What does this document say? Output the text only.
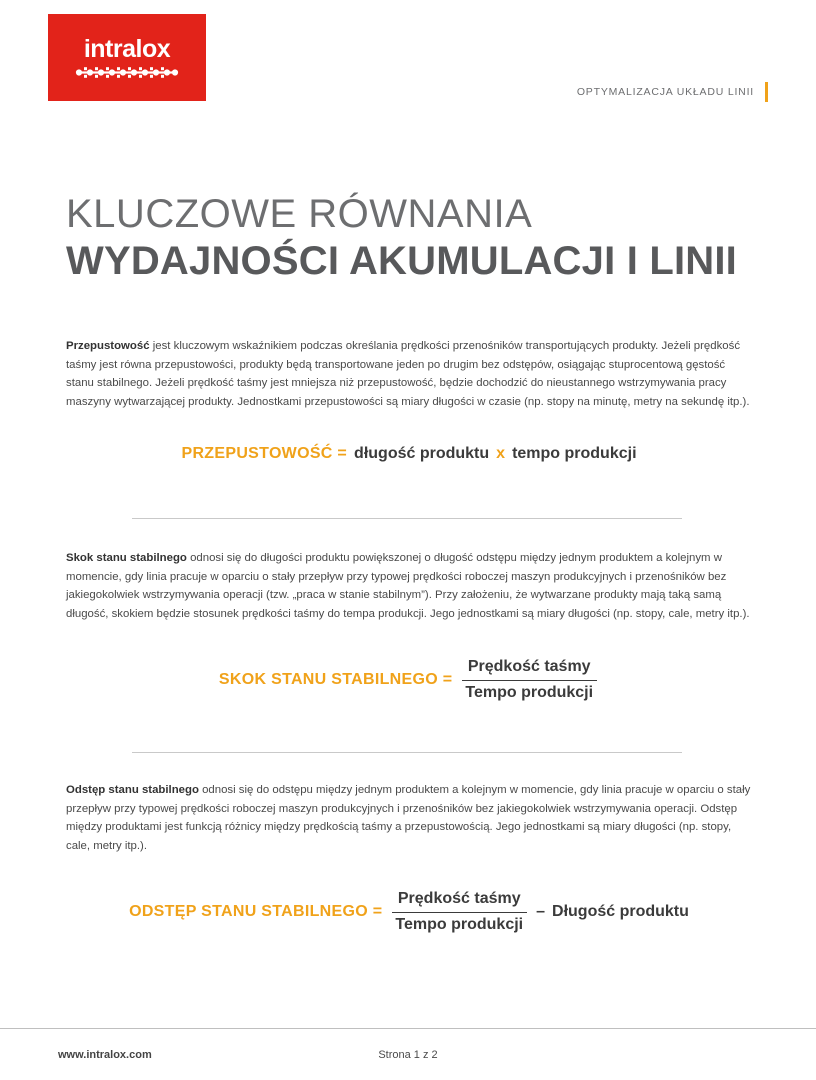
intralox
OPTYMALIZACJA UKŁADU LINII
KLUCZOWE RÓWNANIA
WYDAJNOŚCI AKUMULACJI I LINII

Przepustowość jest kluczowym wskaźnikiem podczas określania prędkości przenośników transportujących produkty. Jeżeli prędkość taśmy jest równa przepustowości, produkty będą transportowane jeden po drugim bez odstępów, osiągając stuprocentową gęstość stanu stabilnego. Jeżeli prędkość taśmy jest mniejsza niż przepustowość, będzie dochodzić do nieustannego wstrzymywania pracy maszyny wytwarzającej produkty. Jednostkami przepustowości są miary długości w czasie (np. stopy na minutę, metry na sekundę itp.).

PRZEPUSTOWOŚĆ = długość produktu x tempo produkcji

Skok stanu stabilnego odnosi się do długości produktu powiększonej o długość odstępu między jednym produktem a kolejnym w momencie, gdy linia pracuje w oparciu o stały przepływ przy typowej prędkości roboczej maszyn produkcyjnych i przenośników bez jakiegokolwiek wstrzymywania operacji (tzw. „praca w stanie stabilnym”). Przy założeniu, że wytwarzane produkty mają taką samą długość, skokiem będzie stosunek prędkości taśmy do tempa produkcji. Jego jednostkami są miary długości (np. stopy, cale, metry itp.).

SKOK STANU STABILNEGO = $\frac{\text{Prędkość taśmy}}{\text{Tempo produkcji}}$

Odstęp stanu stabilnego odnosi się do odstępu między jednym produktem a kolejnym w momencie, gdy linia pracuje w oparciu o stały przepływ przy typowej prędkości roboczej maszyn produkcyjnych i przenośników bez jakiegokolwiek wstrzymywania operacji. Odstęp między produktami jest funkcją różnicy między prędkością taśmy a przepustowością. Jego jednostkami są miary długości (np. stopy, cale, metry itp.).

ODSTĘP STANU STABILNEGO = $\frac{\text{Prędkość taśmy}}{\text{Tempo produkcji}}$ – Długość produktu
www.intralox.com	Strona 1 z 2
